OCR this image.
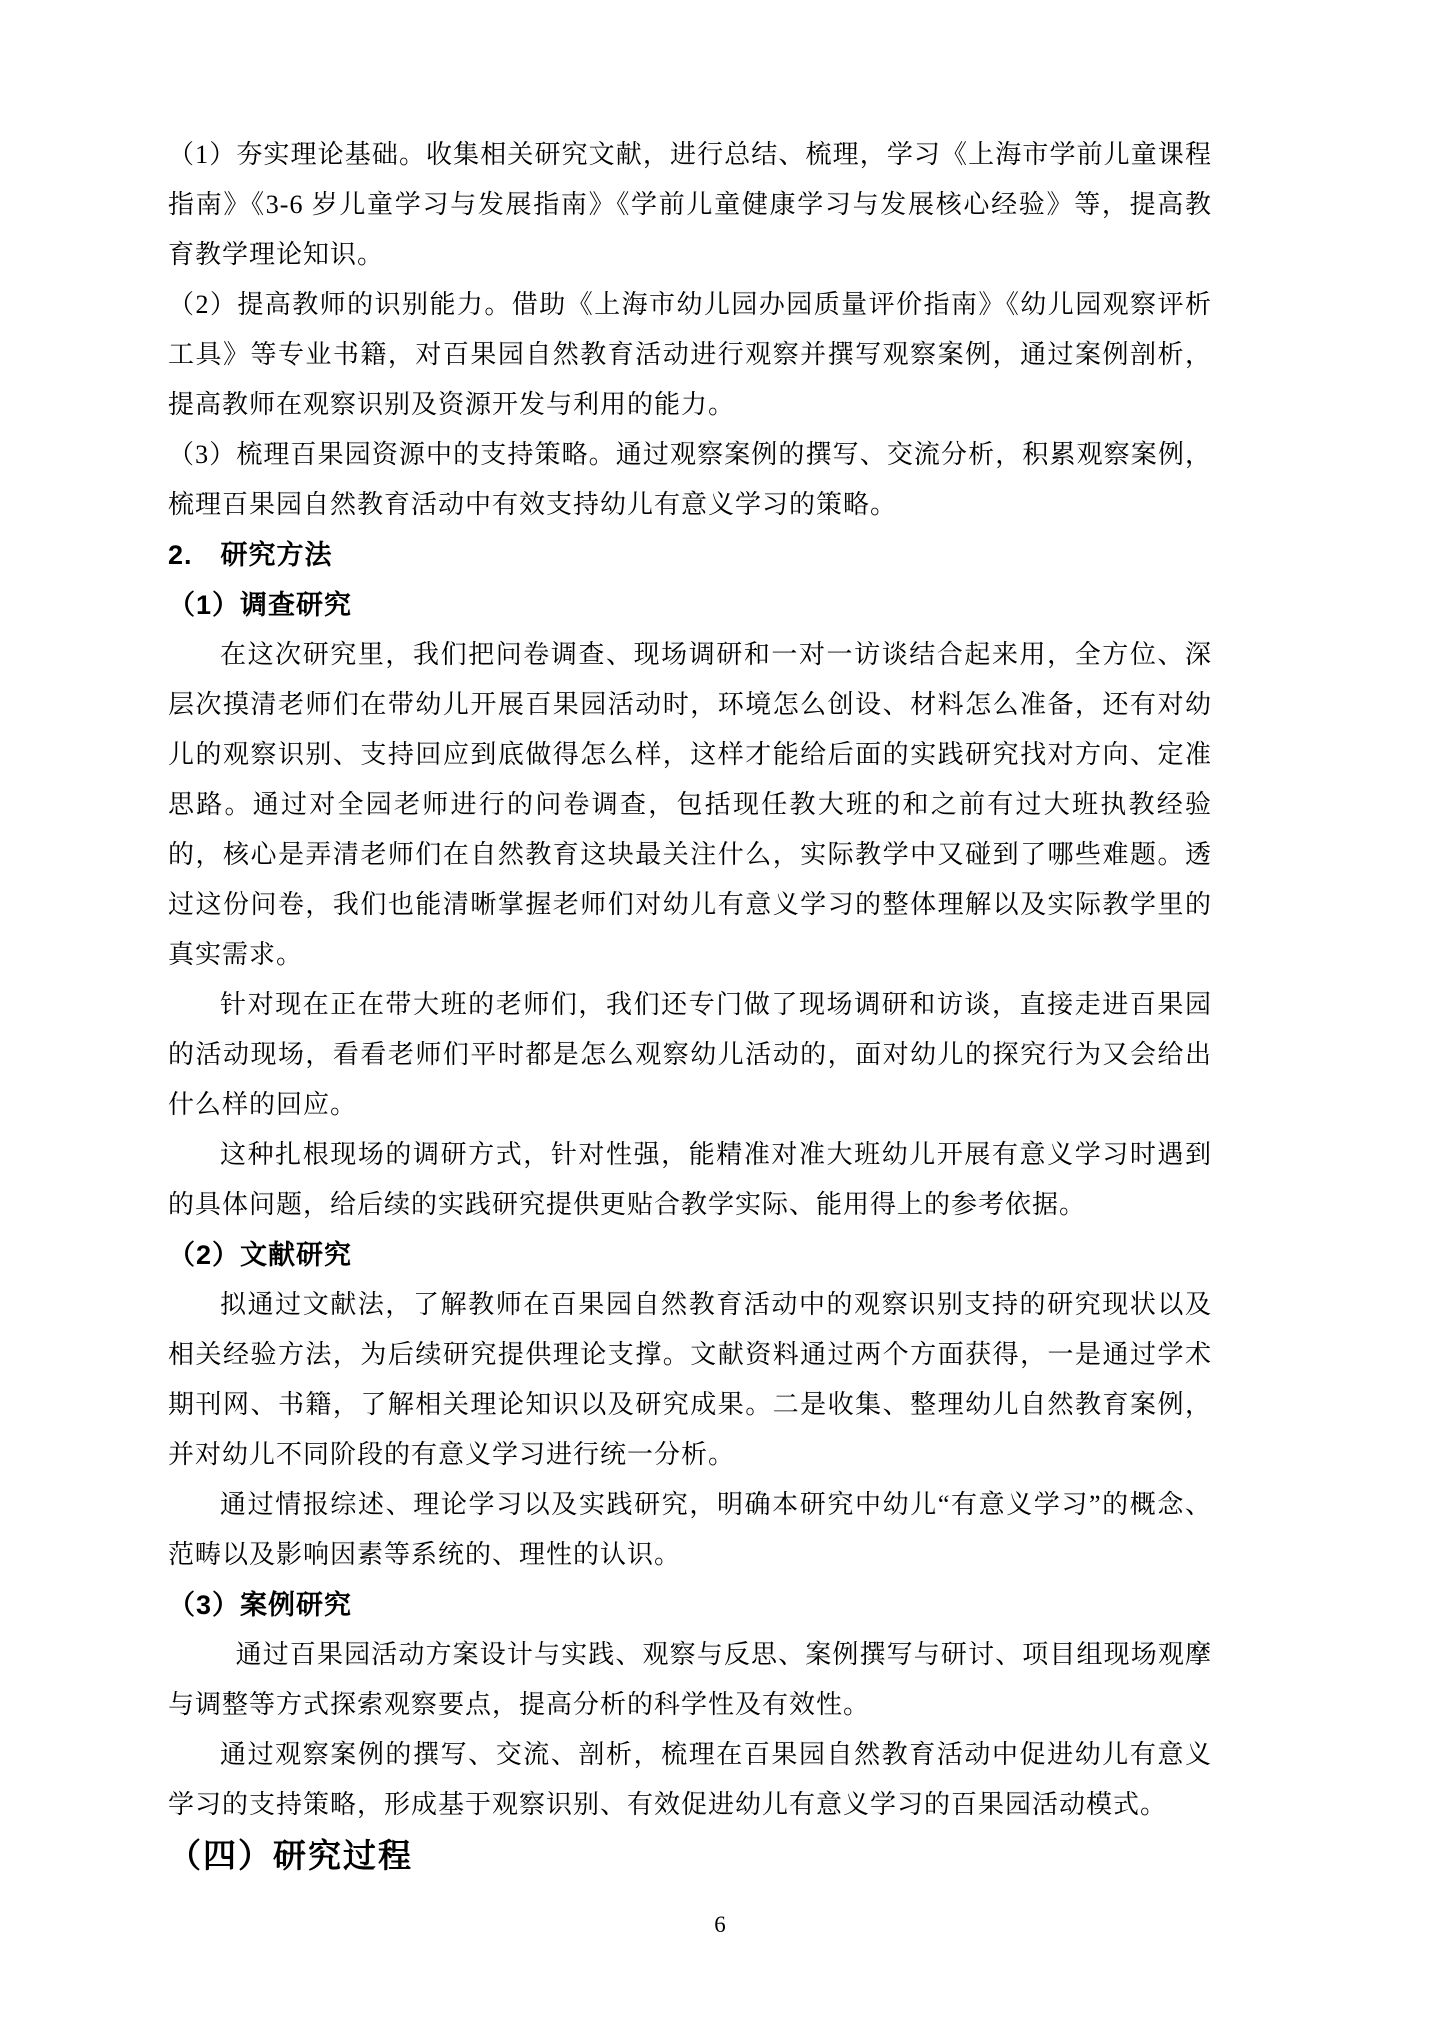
（1）夯实理论基础。收集相关研究文献，进行总结、梳理，学习《上海市学前儿童课程指南》《3-6 岁儿童学习与发展指南》《学前儿童健康学习与发展核心经验》等，提高教育教学理论知识。

（2）提高教师的识别能力。借助《上海市幼儿园办园质量评价指南》《幼儿园观察评析工具》等专业书籍，对百果园自然教育活动进行观察并撰写观察案例，通过案例剖析，提高教师在观察识别及资源开发与利用的能力。

（3）梳理百果园资源中的支持策略。通过观察案例的撰写、交流分析，积累观察案例，梳理百果园自然教育活动中有效支持幼儿有意义学习的策略。

2.　研究方法
（1）调查研究

在这次研究里，我们把问卷调查、现场调研和一对一访谈结合起来用，全方位、深层次摸清老师们在带幼儿开展百果园活动时，环境怎么创设、材料怎么准备，还有对幼儿的观察识别、支持回应到底做得怎么样，这样才能给后面的实践研究找对方向、定准思路。通过对全园老师进行的问卷调查，包括现任教大班的和之前有过大班执教经验的，核心是弄清老师们在自然教育这块最关注什么，实际教学中又碰到了哪些难题。透过这份问卷，我们也能清晰掌握老师们对幼儿有意义学习的整体理解以及实际教学里的真实需求。

针对现在正在带大班的老师们，我们还专门做了现场调研和访谈，直接走进百果园的活动现场，看看老师们平时都是怎么观察幼儿活动的，面对幼儿的探究行为又会给出什么样的回应。

这种扎根现场的调研方式，针对性强，能精准对准大班幼儿开展有意义学习时遇到的具体问题，给后续的实践研究提供更贴合教学实际、能用得上的参考依据。

（2）文献研究

拟通过文献法，了解教师在百果园自然教育活动中的观察识别支持的研究现状以及相关经验方法，为后续研究提供理论支撑。文献资料通过两个方面获得，一是通过学术期刊网、书籍，了解相关理论知识以及研究成果。二是收集、整理幼儿自然教育案例，并对幼儿不同阶段的有意义学习进行统一分析。

通过情报综述、理论学习以及实践研究，明确本研究中幼儿“有意义学习”的概念、范畴以及影响因素等系统的、理性的认识。

（3）案例研究

通过百果园活动方案设计与实践、观察与反思、案例撰写与研讨、项目组现场观摩与调整等方式探索观察要点，提高分析的科学性及有效性。

通过观察案例的撰写、交流、剖析，梳理在百果园自然教育活动中促进幼儿有意义学习的支持策略，形成基于观察识别、有效促进幼儿有意义学习的百果园活动模式。

（四）研究过程
6
